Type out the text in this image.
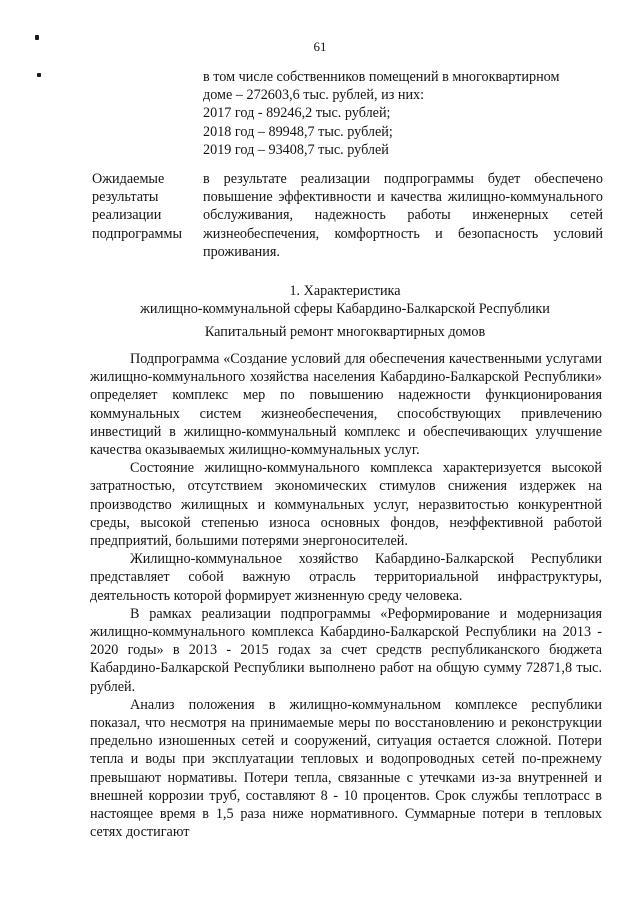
61
в том числе собственников помещений в многоквартирном
доме – 272603,6 тыс. рублей, из них:
2017 год - 89246,2 тыс. рублей;
2018 год – 89948,7 тыс. рублей;
2019 год – 93408,7 тыс. рублей
Ожидаемые
результаты
реализации
подпрограммы
в результате реализации подпрограммы будет обеспечено повышение эффективности и качества жилищно-коммунального обслуживания, надежность работы инженерных сетей жизнеобеспечения, комфортность и безопасность условий проживания.
1. Характеристика
жилищно-коммунальной сферы Кабардино-Балкарской Республики
Капитальный ремонт многоквартирных домов

Подпрограмма «Создание условий для обеспечения качественными услугами жилищно-коммунального хозяйства населения Кабардино-Балкарской Республики» определяет комплекс мер по повышению надежности функционирования коммунальных систем жизнеобеспечения, способствующих привлечению инвестиций в жилищно-коммунальный комплекс и обеспечивающих улучшение качества оказываемых жилищно-коммунальных услуг.

Состояние жилищно-коммунального комплекса характеризуется высокой затратностью, отсутствием экономических стимулов снижения издержек на производство жилищных и коммунальных услуг, неразвитостью конкурентной среды, высокой степенью износа основных фондов, неэффективной работой предприятий, большими потерями энергоносителей.

Жилищно-коммунальное хозяйство Кабардино-Балкарской Республики представляет собой важную отрасль территориальной инфраструктуры, деятельность которой формирует жизненную среду человека.

В рамках реализации подпрограммы «Реформирование и модернизация жилищно-коммунального комплекса Кабардино-Балкарской Республики на 2013 - 2020 годы» в 2013 - 2015 годах за счет средств республиканского бюджета Кабардино-Балкарской Республики выполнено работ на общую сумму 72871,8 тыс. рублей.

Анализ положения в жилищно-коммунальном комплексе республики показал, что несмотря на принимаемые меры по восстановлению и реконструкции предельно изношенных сетей и сооружений, ситуация остается сложной. Потери тепла и воды при эксплуатации тепловых и водопроводных сетей по-прежнему превышают нормативы. Потери тепла, связанные с утечками из-за внутренней и внешней коррозии труб, составляют 8 - 10 процентов. Срок службы теплотрасс в настоящее время в 1,5 раза ниже нормативного. Суммарные потери в тепловых сетях достигают
